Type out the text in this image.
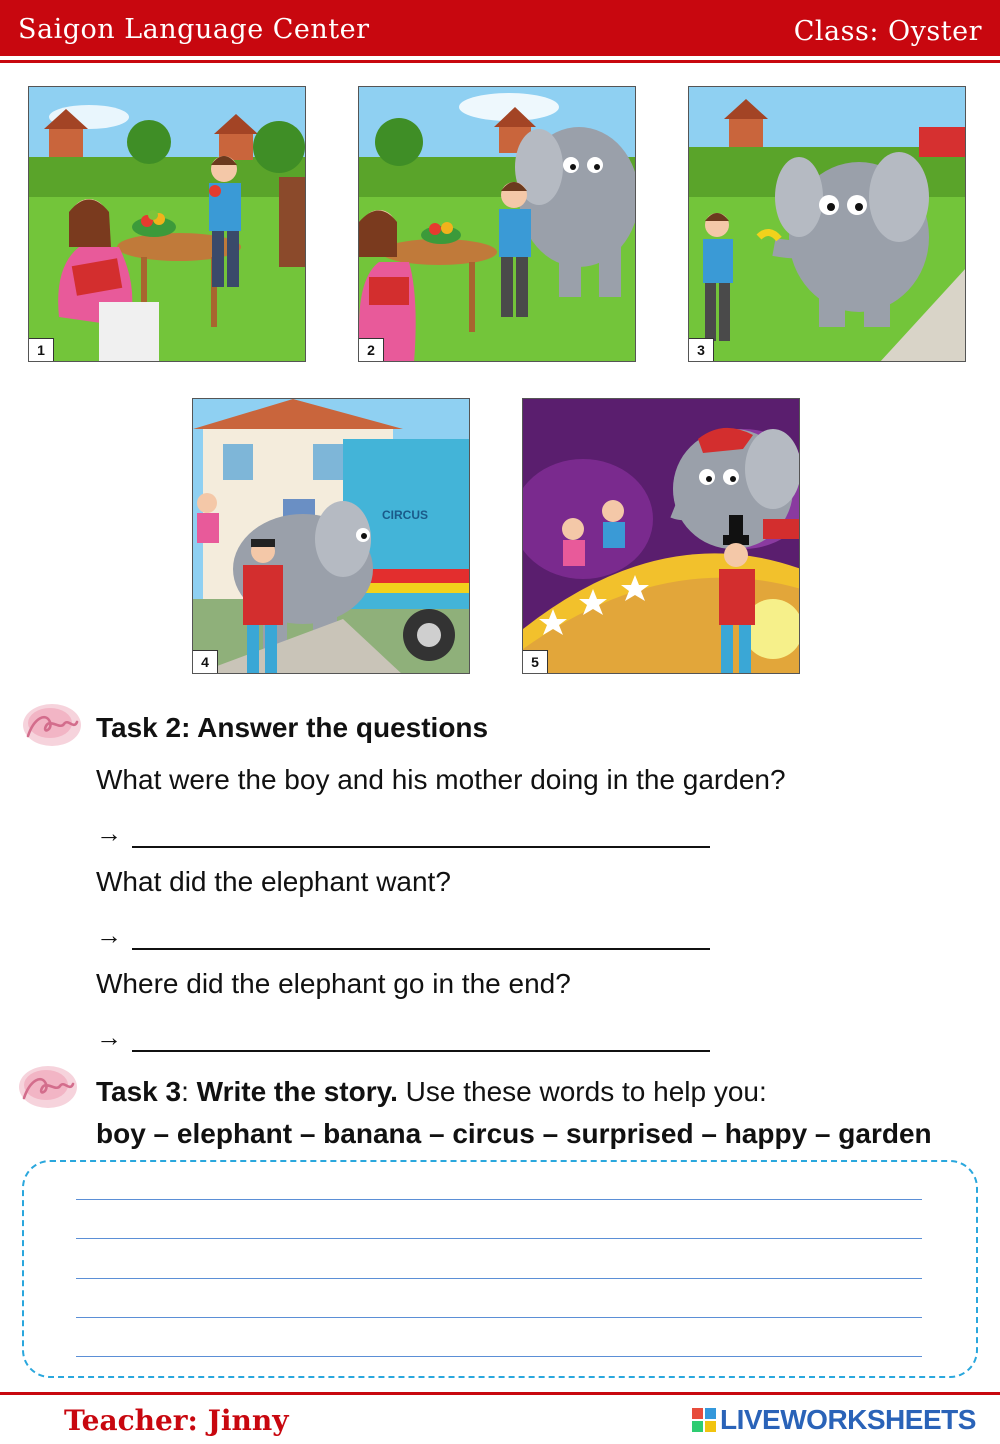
Saigon Language Center	Class: Oyster
1	2	3
CIRCUS
4	5
Task 2: Answer the questions
What were the boy and his mother doing in the garden?
→
What did the elephant want?
→
Where did the elephant go in the end?
→
Task 3: Write the story. Use these words to help you:
boy – elephant – banana – circus – surprised – happy – garden
Teacher: Jinny	LIVEWORKSHEETS
